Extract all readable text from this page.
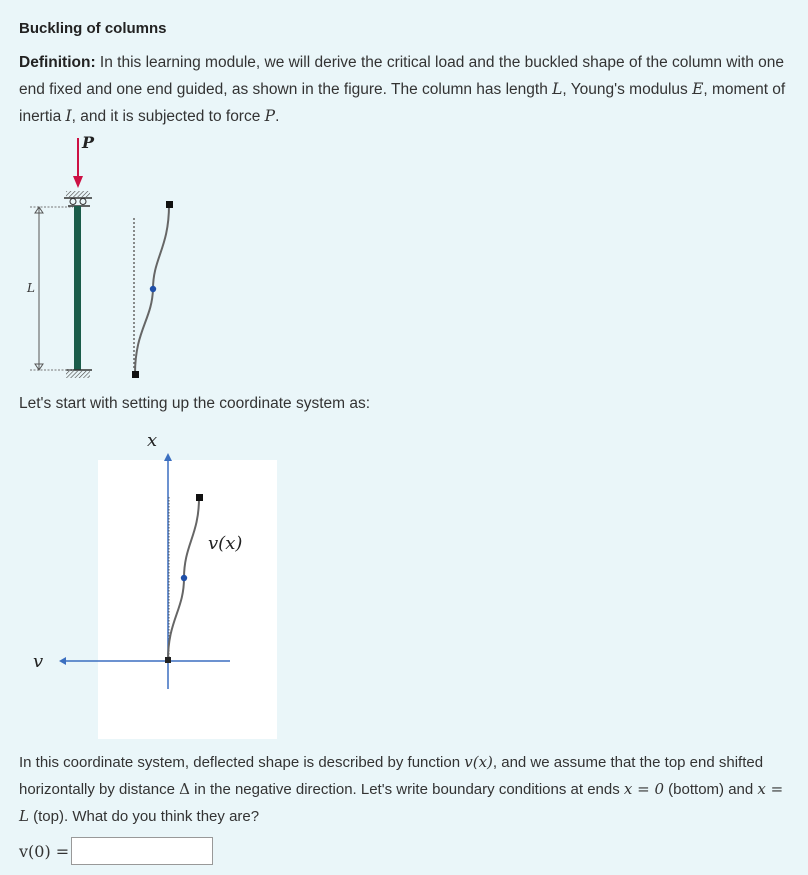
Buckling of columns
Definition: In this learning module, we will derive the critical load and the buckled shape of the column with one end fixed and one end guided, as shown in the figure. The column has length L, Young's modulus E, moment of inertia I, and it is subjected to force P.
P
L
Let's start with setting up the coordinate system as:
x
v
v(x)
In this coordinate system, deflected shape is described by function v(x), and we assume that the top end shifted horizontally by distance Δ in the negative direction. Let's write boundary conditions at ends x = 0 (bottom) and x = L (top). What do you think they are?
v(0) =
